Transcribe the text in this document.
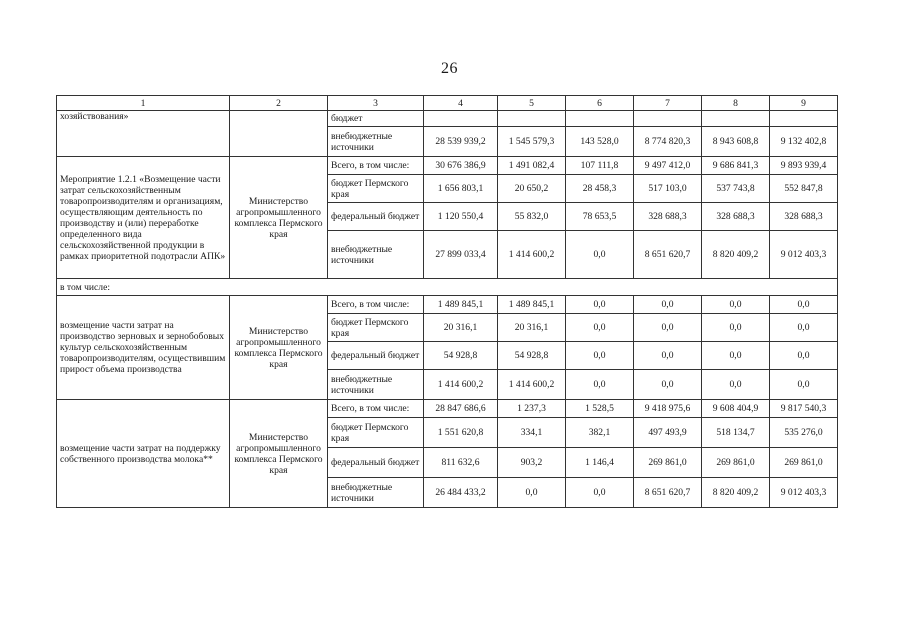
26
1	2	3	4	5	6	7	8	9
хозяйствования»		бюджет						
		внебюджетные источники	28 539 939,2	1 545 579,3	143 528,0	8 774 820,3	8 943 608,8	9 132 402,8
Мероприятие 1.2.1 «Возмещение части затрат сельскохозяйственным товаропроизводителям и организациям, осуществляющим деятельность по производству и (или) переработке определенного вида сельскохозяйственной продукции в рамках приоритетной подотрасли АПК»	Министерство агропромышленного комплекса Пермского края	Всего, в том числе:	30 676 386,9	1 491 082,4	107 111,8	9 497 412,0	9 686 841,3	9 893 939,4
		бюджет Пермского края	1 656 803,1	20 650,2	28 458,3	517 103,0	537 743,8	552 847,8
		федеральный бюджет	1 120 550,4	55 832,0	78 653,5	328 688,3	328 688,3	328 688,3
		внебюджетные источники	27 899 033,4	1 414 600,2	0,0	8 651 620,7	8 820 409,2	9 012 403,3
в том числе:								
возмещение части затрат на производство зерновых и зернобобовых культур сельскохозяйственным товаропроизводителям, осуществившим прирост объема производства	Министерство агропромышленного комплекса Пермского края	Всего, в том числе:	1 489 845,1	1 489 845,1	0,0	0,0	0,0	0,0
		бюджет Пермского края	20 316,1	20 316,1	0,0	0,0	0,0	0,0
		федеральный бюджет	54 928,8	54 928,8	0,0	0,0	0,0	0,0
		внебюджетные источники	1 414 600,2	1 414 600,2	0,0	0,0	0,0	0,0
возмещение части затрат на поддержку собственного производства молока**	Министерство агропромышленного комплекса Пермского края	Всего, в том числе:	28 847 686,6	1 237,3	1 528,5	9 418 975,6	9 608 404,9	9 817 540,3
		бюджет Пермского края	1 551 620,8	334,1	382,1	497 493,9	518 134,7	535 276,0
		федеральный бюджет	811 632,6	903,2	1 146,4	269 861,0	269 861,0	269 861,0
		внебюджетные источники	26 484 433,2	0,0	0,0	8 651 620,7	8 820 409,2	9 012 403,3
